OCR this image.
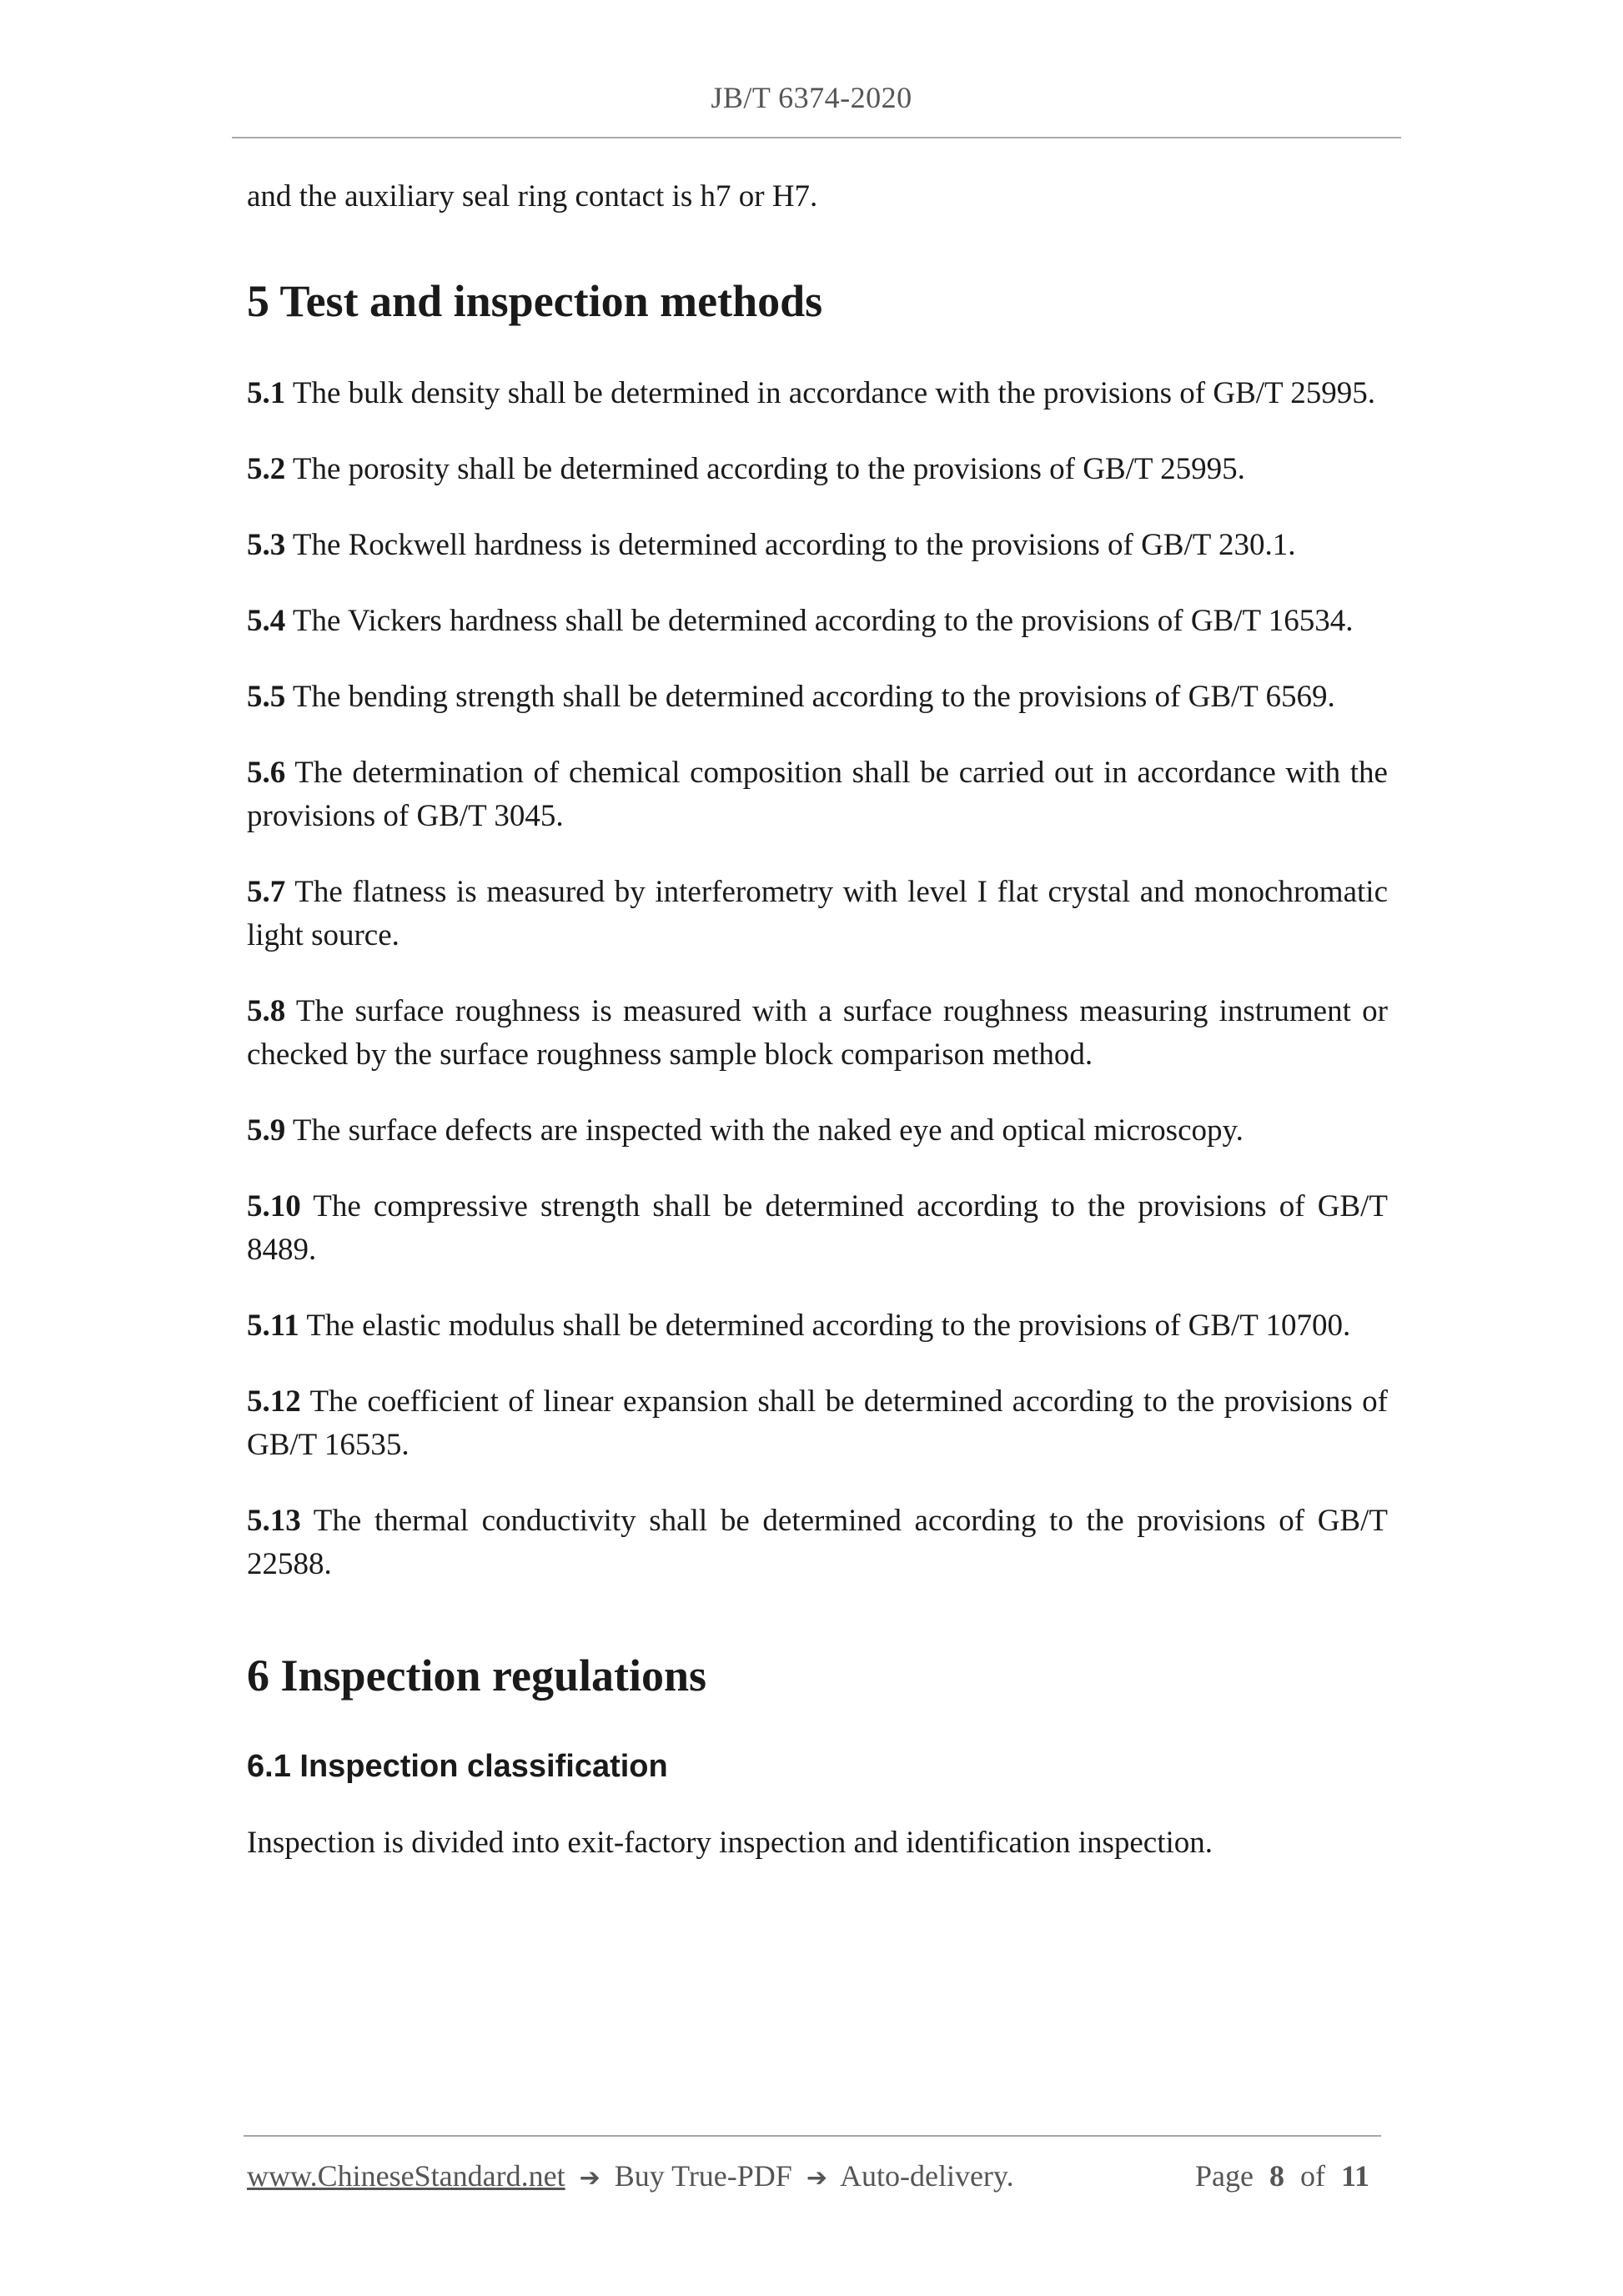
JB/T 6374-2020

and the auxiliary seal ring contact is h7 or H7.

5 Test and inspection methods

5.1 The bulk density shall be determined in accordance with the provisions of GB/T 25995.

5.2 The porosity shall be determined according to the provisions of GB/T 25995.

5.3 The Rockwell hardness is determined according to the provisions of GB/T 230.1.

5.4 The Vickers hardness shall be determined according to the provisions of GB/T 16534.

5.5 The bending strength shall be determined according to the provisions of GB/T 6569.

5.6 The determination of chemical composition shall be carried out in accordance with the provisions of GB/T 3045.

5.7 The flatness is measured by interferometry with level I flat crystal and monochromatic light source.

5.8 The surface roughness is measured with a surface roughness measuring instrument or checked by the surface roughness sample block comparison method.

5.9 The surface defects are inspected with the naked eye and optical microscopy.

5.10 The compressive strength shall be determined according to the provisions of GB/T 8489.

5.11 The elastic modulus shall be determined according to the provisions of GB/T 10700.

5.12 The coefficient of linear expansion shall be determined according to the provisions of GB/T 16535.

5.13 The thermal conductivity shall be determined according to the provisions of GB/T 22588.

6 Inspection regulations
6.1 Inspection classification

Inspection is divided into exit-factory inspection and identification inspection.

www.ChineseStandard.net ➔ Buy True-PDF ➔ Auto-delivery.	Page 8 of 11
